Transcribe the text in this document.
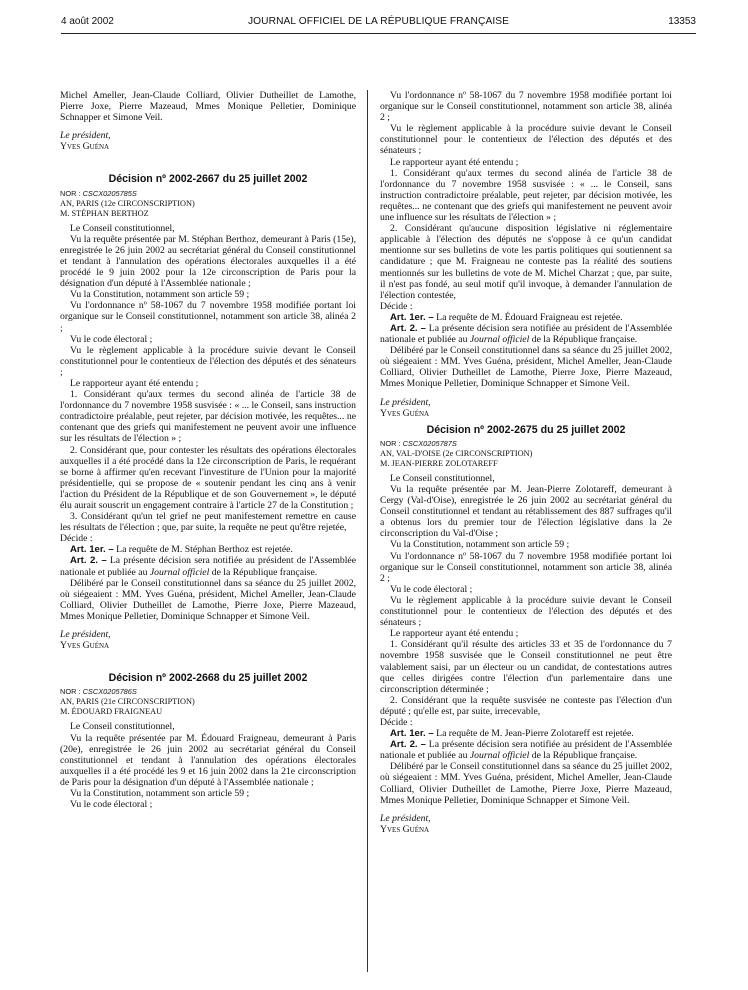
4 août 2002	JOURNAL OFFICIEL DE LA RÉPUBLIQUE FRANÇAISE	13353

Michel Ameller, Jean-Claude Colliard, Olivier Dutheillet de Lamothe, Pierre Joxe, Pierre Mazeaud, Mmes Monique Pelletier, Dominique Schnapper et Simone Veil.

Le président,

Yves Guéna

Décision nº 2002-2667 du 25 juillet 2002

NOR : CSCX0205785S

AN, PARIS (12e CIRCONSCRIPTION)

M. STÉPHAN BERTHOZ

Le Conseil constitutionnel,

Vu la requête présentée par M. Stéphan Berthoz, demeurant à Paris (15e), enregistrée le 26 juin 2002 au secrétariat général du Conseil constitutionnel et tendant à l'annulation des opérations électorales auxquelles il a été procédé le 9 juin 2002 pour la 12e circonscription de Paris pour la désignation d'un député à l'Assemblée nationale ;

Vu la Constitution, notamment son article 59 ;

Vu l'ordonnance nº 58-1067 du 7 novembre 1958 modifiée portant loi organique sur le Conseil constitutionnel, notamment son article 38, alinéa 2 ;

Vu le code électoral ;

Vu le règlement applicable à la procédure suivie devant le Conseil constitutionnel pour le contentieux de l'élection des députés et des sénateurs ;

Le rapporteur ayant été entendu ;

1. Considérant qu'aux termes du second alinéa de l'article 38 de l'ordonnance du 7 novembre 1958 susvisée : « ... le Conseil, sans instruction contradictoire préalable, peut rejeter, par décision motivée, les requêtes... ne contenant que des griefs qui manifestement ne peuvent avoir une influence sur les résultats de l'élection » ;

2. Considérant que, pour contester les résultats des opérations électorales auxquelles il a été procédé dans la 12e circonscription de Paris, le requérant se borne à affirmer qu'en recevant l'investiture de l'Union pour la majorité présidentielle, qui se propose de « soutenir pendant les cinq ans à venir l'action du Président de la République et de son Gouvernement », le député élu aurait souscrit un engagement contraire à l'article 27 de la Constitution ;

3. Considérant qu'un tel grief ne peut manifestement remettre en cause les résultats de l'élection ; que, par suite, la requête ne peut qu'être rejetée,

Décide :

Art. 1er. – La requête de M. Stéphan Berthoz est rejetée.

Art. 2. – La présente décision sera notifiée au président de l'Assemblée nationale et publiée au Journal officiel de la République française.

Délibéré par le Conseil constitutionnel dans sa séance du 25 juillet 2002, où siégeaient : MM. Yves Guéna, président, Michel Ameller, Jean-Claude Colliard, Olivier Dutheillet de Lamothe, Pierre Joxe, Pierre Mazeaud, Mmes Monique Pelletier, Dominique Schnapper et Simone Veil.

Le président,

Yves Guéna

Décision nº 2002-2668 du 25 juillet 2002

NOR : CSCX0205786S

AN, PARIS (21e CIRCONSCRIPTION)

M. ÉDOUARD FRAIGNEAU

Le Conseil constitutionnel,

Vu la requête présentée par M. Édouard Fraigneau, demeurant à Paris (20e), enregistrée le 26 juin 2002 au secrétariat général du Conseil constitutionnel et tendant à l'annulation des opérations électorales auxquelles il a été procédé les 9 et 16 juin 2002 dans la 21e circonscription de Paris pour la désignation d'un député à l'Assemblée nationale ;

Vu la Constitution, notamment son article 59 ;

Vu le code électoral ;

Vu l'ordonnance nº 58-1067 du 7 novembre 1958 modifiée portant loi organique sur le Conseil constitutionnel, notamment son article 38, alinéa 2 ;

Vu le règlement applicable à la procédure suivie devant le Conseil constitutionnel pour le contentieux de l'élection des députés et des sénateurs ;

Le rapporteur ayant été entendu ;

1. Considérant qu'aux termes du second alinéa de l'article 38 de l'ordonnance du 7 novembre 1958 susvisée : « ... le Conseil, sans instruction contradictoire préalable, peut rejeter, par décision motivée, les requêtes... ne contenant que des griefs qui manifestement ne peuvent avoir une influence sur les résultats de l'élection » ;

2. Considérant qu'aucune disposition législative ni réglementaire applicable à l'élection des députés ne s'oppose à ce qu'un candidat mentionne sur ses bulletins de vote les partis politiques qui soutiennent sa candidature ; que M. Fraigneau ne conteste pas la réalité des soutiens mentionnés sur les bulletins de vote de M. Michel Charzat ; que, par suite, il n'est pas fondé, au seul motif qu'il invoque, à demander l'annulation de l'élection contestée,

Décide :

Art. 1er. – La requête de M. Édouard Fraigneau est rejetée.

Art. 2. – La présente décision sera notifiée au président de l'Assemblée nationale et publiée au Journal officiel de la République française.

Délibéré par le Conseil constitutionnel dans sa séance du 25 juillet 2002, où siégeaient : MM. Yves Guéna, président, Michel Ameller, Jean-Claude Colliard, Olivier Dutheillet de Lamothe, Pierre Joxe, Pierre Mazeaud, Mmes Monique Pelletier, Dominique Schnapper et Simone Veil.

Le président,

Yves Guéna

Décision nº 2002-2675 du 25 juillet 2002

NOR : CSCX0205787S

AN, VAL-D'OISE (2e CIRCONSCRIPTION)

M. JEAN-PIERRE ZOLOTAREFF

Le Conseil constitutionnel,

Vu la requête présentée par M. Jean-Pierre Zolotareff, demeurant à Cergy (Val-d'Oise), enregistrée le 26 juin 2002 au secrétariat général du Conseil constitutionnel et tendant au rétablissement des 887 suffrages qu'il a obtenus lors du premier tour de l'élection législative dans la 2e circonscription du Val-d'Oise ;

Vu la Constitution, notamment son article 59 ;

Vu l'ordonnance nº 58-1067 du 7 novembre 1958 modifiée portant loi organique sur le Conseil constitutionnel, notamment son article 38, alinéa 2 ;

Vu le code électoral ;

Vu le règlement applicable à la procédure suivie devant le Conseil constitutionnel pour le contentieux de l'élection des députés et des sénateurs ;

Le rapporteur ayant été entendu ;

1. Considérant qu'il résulte des articles 33 et 35 de l'ordonnance du 7 novembre 1958 susvisée que le Conseil constitutionnel ne peut être valablement saisi, par un électeur ou un candidat, de contestations autres que celles dirigées contre l'élection d'un parlementaire dans une circonscription déterminée ;

2. Considérant que la requête susvisée ne conteste pas l'élection d'un député ; qu'elle est, par suite, irrecevable,

Décide :

Art. 1er. – La requête de M. Jean-Pierre Zolotareff est rejetée.

Art. 2. – La présente décision sera notifiée au président de l'Assemblée nationale et publiée au Journal officiel de la République française.

Délibéré par le Conseil constitutionnel dans sa séance du 25 juillet 2002, où siégeaient : MM. Yves Guéna, président, Michel Ameller, Jean-Claude Colliard, Olivier Dutheillet de Lamothe, Pierre Joxe, Pierre Mazeaud, Mmes Monique Pelletier, Dominique Schnapper et Simone Veil.

Le président,

Yves Guéna
